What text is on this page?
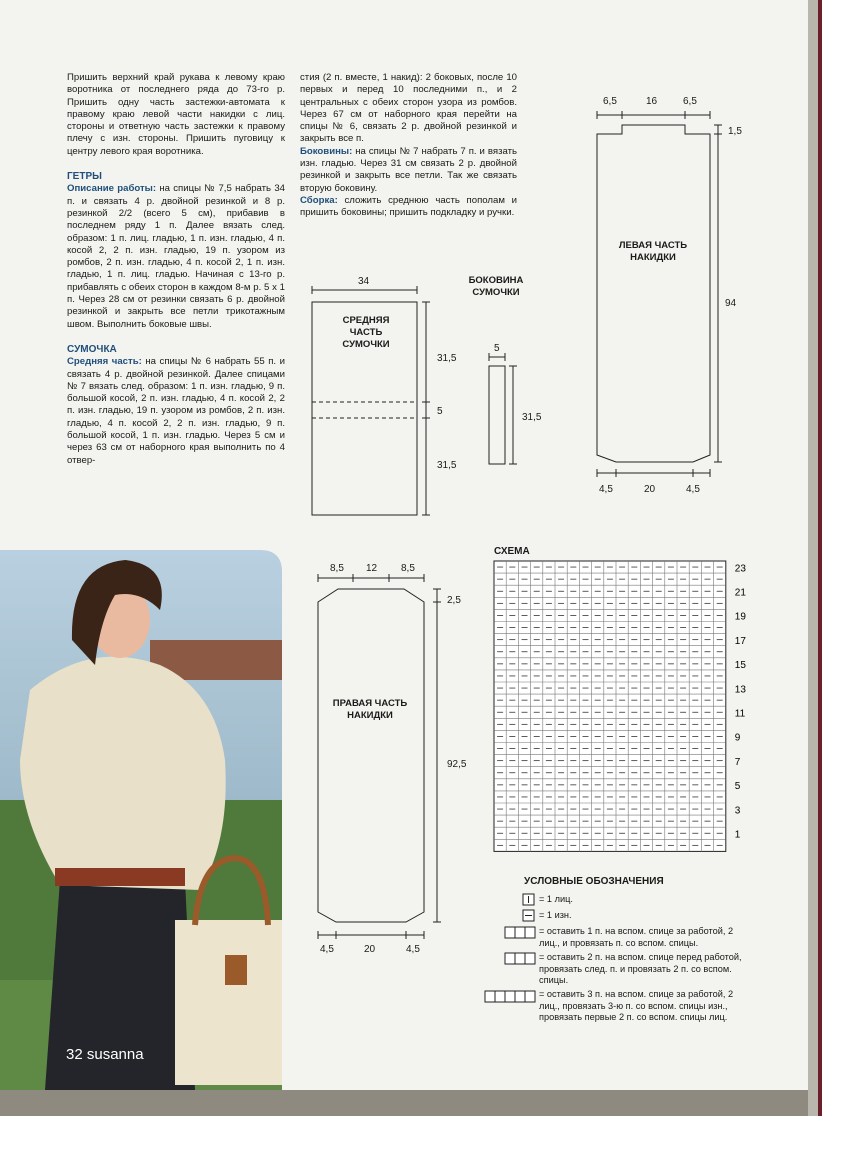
Пришить верхний край рукава к левому краю воротника от последнего ряда до 73-го р. Пришить одну часть застежки-автомата к правому краю левой части накидки с лиц. стороны и ответную часть застежки к правому плечу с изн. стороны. Пришить пуговицу к центру левого края воротника.

ГЕТРЫ

Описание работы: на спицы № 7,5 набрать 34 п. и связать 4 р. двойной резинкой и 8 р. резинкой 2/2 (всего 5 см), прибавив в последнем ряду 1 п. Далее вязать след. образом: 1 п. лиц. гладью, 1 п. изн. гладью, 4 п. косой 2, 2 п. изн. гладью, 19 п. узором из ромбов, 2 п. изн. гладью, 4 п. косой 2, 1 п. изн. гладью, 1 п. лиц. гладью. Начиная с 13-го р. прибавлять с обеих сторон в каждом 8-м р. 5 х 1 п. Через 28 см от резинки связать 6 р. двойной резинкой и закрыть все петли трикотажным швом. Выполнить боковые швы.

СУМОЧКА

Средняя часть: на спицы № 6 набрать 55 п. и связать 4 р. двойной резинкой. Далее спицами № 7 вязать след. образом: 1 п. изн. гладью, 9 п. большой косой, 2 п. изн. гладью, 4 п. косой 2, 2 п. изн. гладью, 19 п. узором из ромбов, 2 п. изн. гладью, 4 п. косой 2, 2 п. изн. гладью, 9 п. большой косой, 1 п. изн. гладью. Через 5 см и через 63 см от наборного края выполнить по 4 отвер-

стия (2 п. вместе, 1 накид): 2 боковых, после 10 первых и перед 10 последними п., и 2 центральных с обеих сторон узора из ромбов. Через 67 см от наборного края перейти на спицы № 6, связать 2 р. двойной резинкой и закрыть все п.

Боковины: на спицы № 7 набрать 7 п. и вязать изн. гладью. Через 31 см связать 2 р. двойной резинкой и закрыть все петли. Так же связать вторую боковину.

Сборка: сложить среднюю часть пополам и пришить боковины; пришить подкладку и ручки.

6,5	16	6,5
1,5
94
4,5	20	4,5
ЛЕВАЯ ЧАСТЬ
НАКИДКИ
34
31,5
5
31,5
СРЕДНЯЯ
ЧАСТЬ
СУМОЧКИ	5
31,5
БОКОВИНА
СУМОЧКИ
8,5 12 8,5
2,5
92,5
4,5	20	4,5
ПРАВАЯ ЧАСТЬ
НАКИДКИ
23
21
19
17
15
13
11
9
7
5
3
1
СХЕМА
УСЛОВНЫЕ ОБОЗНАЧЕНИЯ
= 1 лиц.
= 1 изн.
= оставить 1 п. на вспом. спице за работой, 2 лиц., и провязать п. со вспом. спицы.
= оставить 2 п. на вспом. спице перед работой, провязать след. п. и провязать 2 п. со вспом. спицы.
= оставить 3 п. на вспом. спице за работой, 2 лиц., провязать 3-ю п. со вспом. спицы изн., провязать первые 2 п. со вспом. спицы лиц.
32 susanna
